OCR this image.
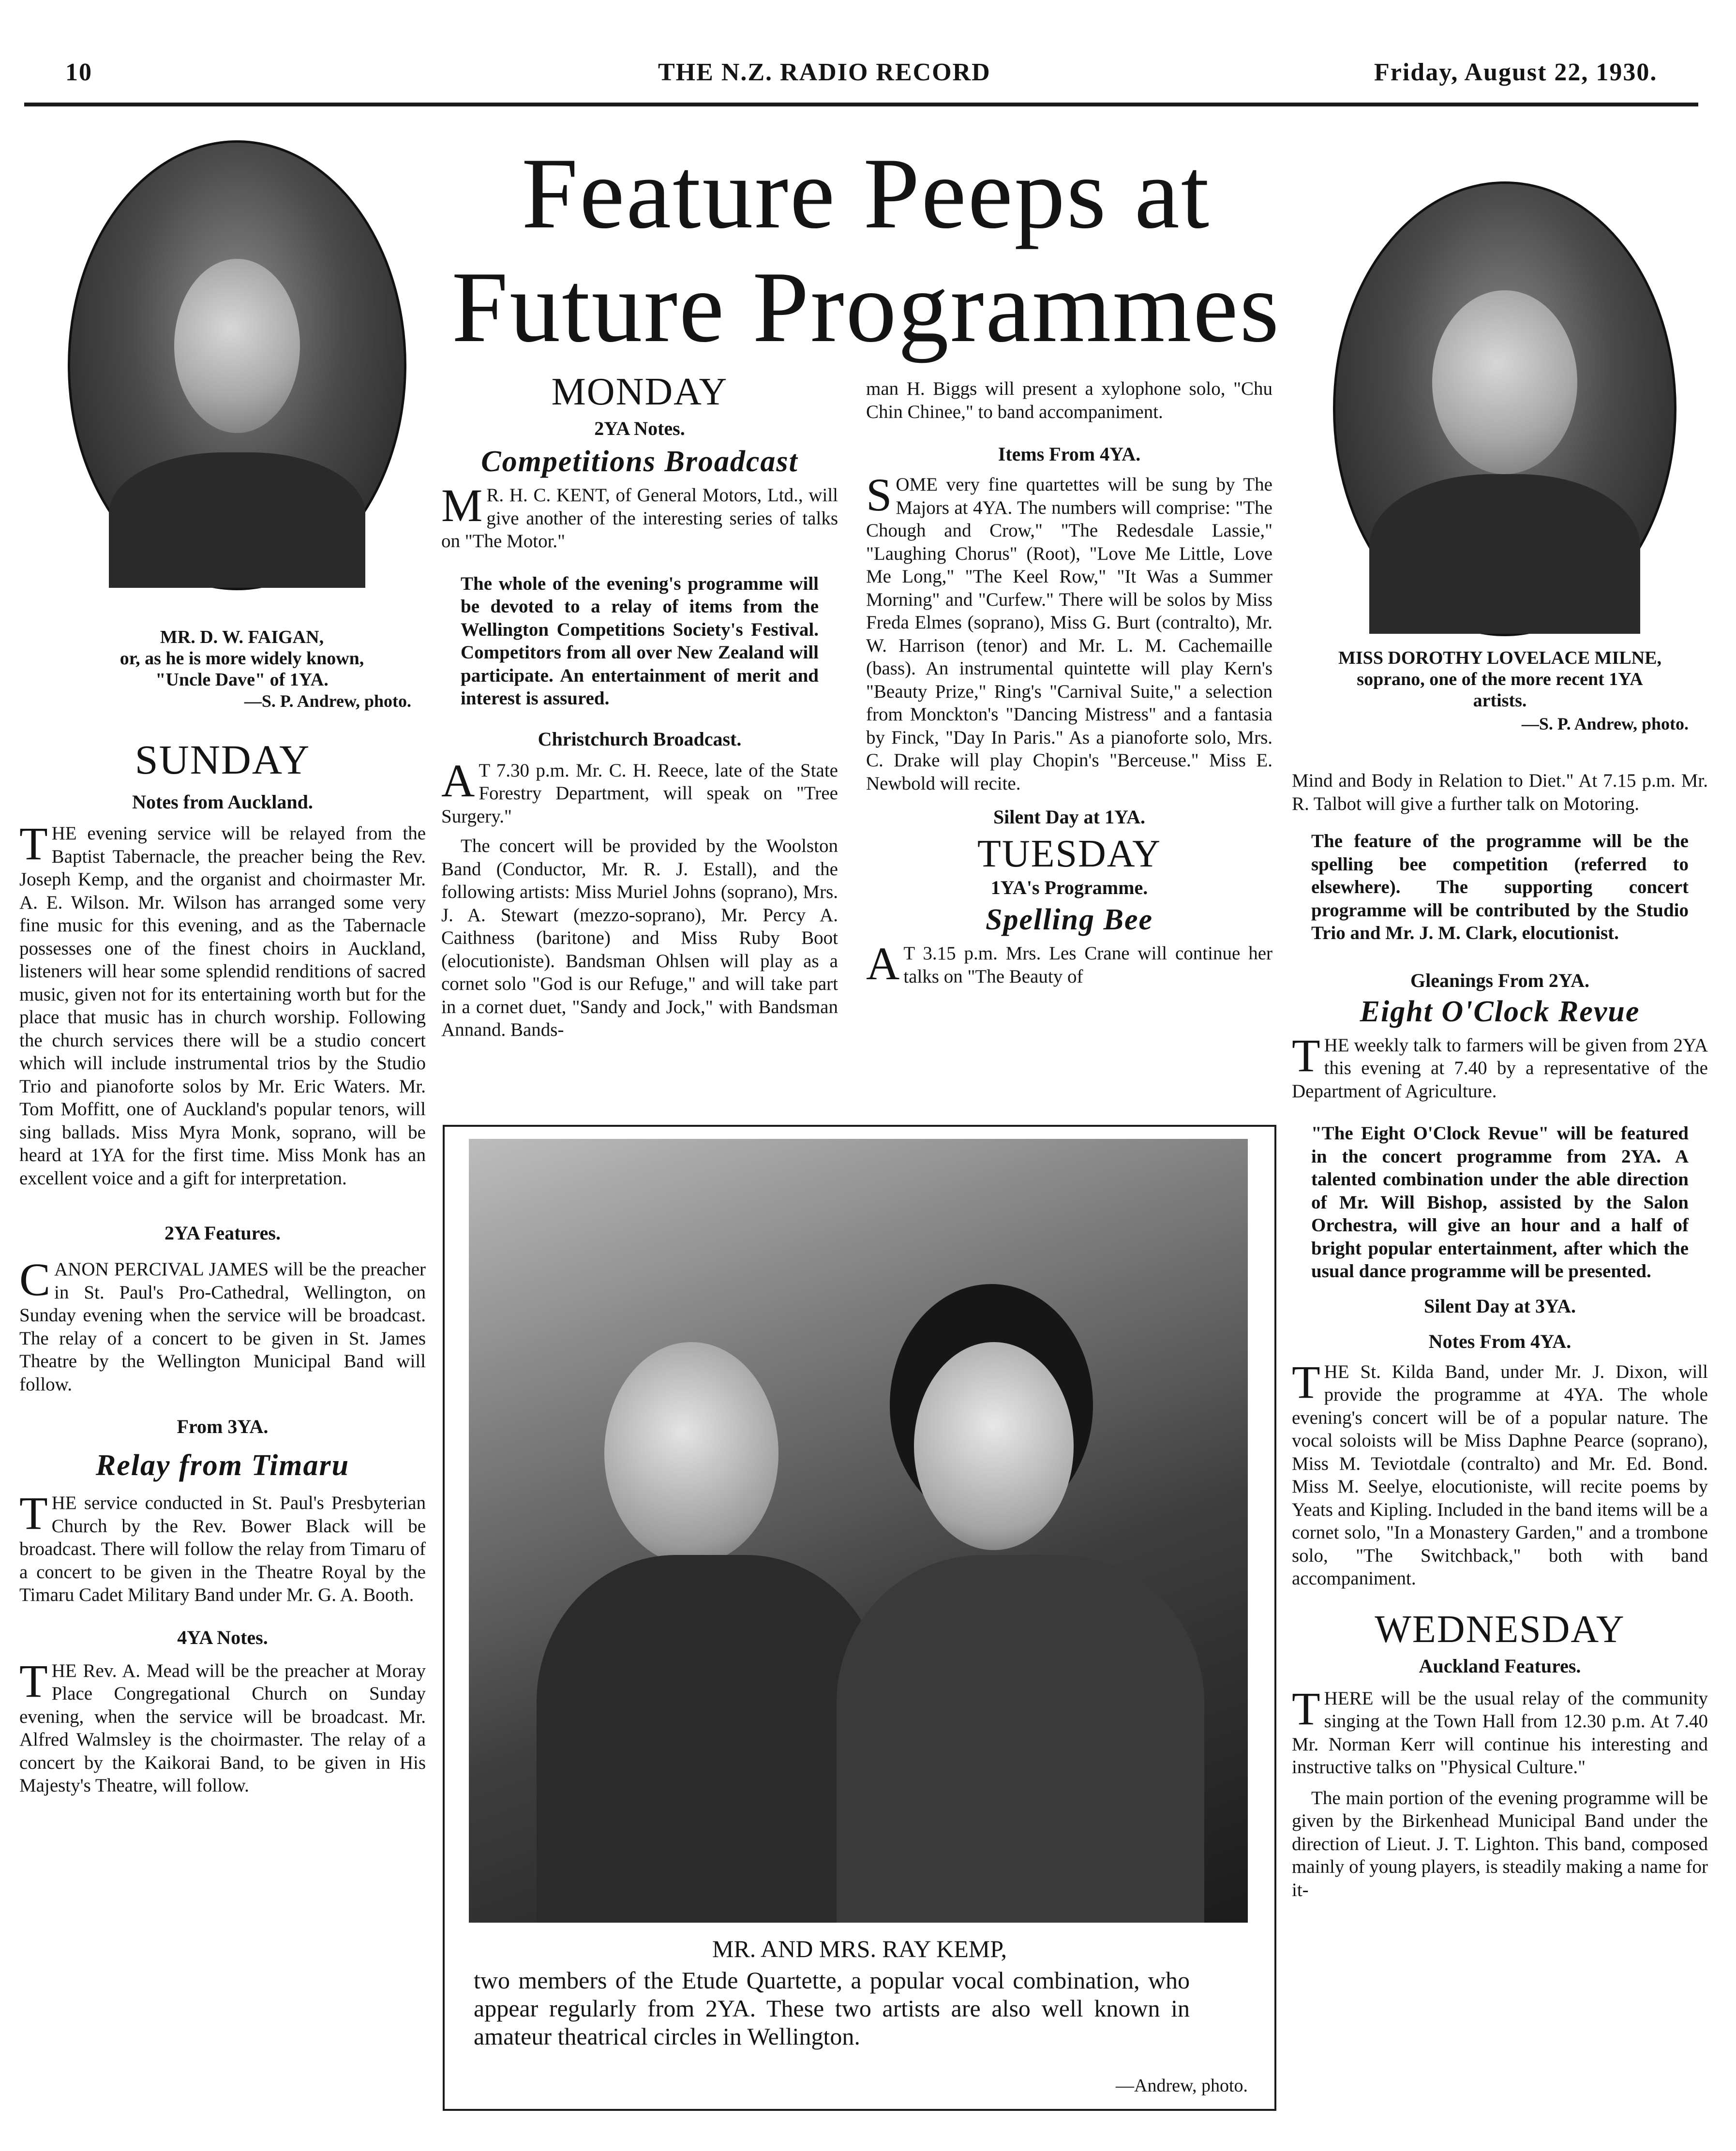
10	THE N.Z. RADIO RECORD	Friday, August 22, 1930.
Feature Peeps at
Future Programmes
MR. D. W. FAIGAN,
or, as he is more widely known,
"Uncle Dave" of 1YA.
—S. P. Andrew, photo.
MISS DOROTHY LOVELACE MILNE,
soprano, one of the more recent 1YA
artists.
—S. P. Andrew, photo.
SUNDAY
Notes from Auckland.

THE evening service will be relayed from the Baptist Tabernacle, the preacher being the Rev. Joseph Kemp, and the organist and choirmaster Mr. A. E. Wilson. Mr. Wilson has arranged some very fine music for this evening, and as the Tabernacle possesses one of the finest choirs in Auckland, listeners will hear some splendid renditions of sacred music, given not for its entertaining worth but for the place that music has in church worship. Following the church services there will be a studio concert which will include instrumental trios by the Studio Trio and pianoforte solos by Mr. Eric Waters. Mr. Tom Moffitt, one of Auckland's popular tenors, will sing ballads. Miss Myra Monk, soprano, will be heard at 1YA for the first time. Miss Monk has an excellent voice and a gift for interpretation.

2YA Features.

CANON PERCIVAL JAMES will be the preacher in St. Paul's Pro-Cathedral, Wellington, on Sunday evening when the service will be broadcast. The relay of a concert to be given in St. James Theatre by the Wellington Municipal Band will follow.

From 3YA.
Relay from Timaru

THE service conducted in St. Paul's Presbyterian Church by the Rev. Bower Black will be broadcast. There will follow the relay from Timaru of a concert to be given in the Theatre Royal by the Timaru Cadet Military Band under Mr. G. A. Booth.

4YA Notes.

THE Rev. A. Mead will be the preacher at Moray Place Congregational Church on Sunday evening, when the service will be broadcast. Mr. Alfred Walmsley is the choirmaster. The relay of a concert by the Kaikorai Band, to be given in His Majesty's Theatre, will follow.

MONDAY
2YA Notes.
Competitions Broadcast

M R. H. C. KENT, of General Motors, Ltd., will give another of the interesting series of talks on "The Motor."

The whole of the evening's programme will be devoted to a relay of items from the Wellington Competitions Society's Festival. Competitors from all over New Zealand will participate. An entertainment of merit and interest is assured.

Christchurch Broadcast.

A T 7.30 p.m. Mr. C. H. Reece, late of the State Forestry Department, will speak on "Tree Surgery."

The concert will be provided by the Woolston Band (Conductor, Mr. R. J. Estall), and the following artists: Miss Muriel Johns (soprano), Mrs. J. A. Stewart (mezzo-soprano), Mr. Percy A. Caithness (baritone) and Miss Ruby Boot (elocutioniste). Bandsman Ohlsen will play as a cornet solo "God is our Refuge," and will take part in a cornet duet, "Sandy and Jock," with Bandsman Annand. Bands-

man H. Biggs will present a xylophone solo, "Chu Chin Chinee," to band accompaniment.

Items From 4YA.

SOME very fine quartettes will be sung by The Majors at 4YA. The numbers will comprise: "The Chough and Crow," "The Redesdale Lassie," "Laughing Chorus" (Root), "Love Me Little, Love Me Long," "The Keel Row," "It Was a Summer Morning" and "Curfew." There will be solos by Miss Freda Elmes (soprano), Miss G. Burt (contralto), Mr. W. Harrison (tenor) and Mr. L. M. Cachemaille (bass). An instrumental quintette will play Kern's "Beauty Prize," Ring's "Carnival Suite," a selection from Monckton's "Dancing Mistress" and a fantasia by Finck, "Day In Paris." As a pianoforte solo, Mrs. C. Drake will play Chopin's "Berceuse." Miss E. Newbold will recite.

Silent Day at 1YA.
TUESDAY
1YA's Programme.
Spelling Bee

A T 3.15 p.m. Mrs. Les Crane will continue her talks on "The Beauty of

Mind and Body in Relation to Diet." At 7.15 p.m. Mr. R. Talbot will give a further talk on Motoring.

The feature of the programme will be the spelling bee competition (referred to elsewhere). The supporting concert programme will be contributed by the Studio Trio and Mr. J. M. Clark, elocutionist.

Gleanings From 2YA.
Eight O'Clock Revue

THE weekly talk to farmers will be given from 2YA this evening at 7.40 by a representative of the Department of Agriculture.

"The Eight O'Clock Revue" will be featured in the concert programme from 2YA. A talented combination under the able direction of Mr. Will Bishop, assisted by the Salon Orchestra, will give an hour and a half of bright popular entertainment, after which the usual dance programme will be presented.

Silent Day at 3YA.
Notes From 4YA.

THE St. Kilda Band, under Mr. J. Dixon, will provide the programme at 4YA. The whole evening's concert will be of a popular nature. The vocal soloists will be Miss Daphne Pearce (soprano), Miss M. Teviotdale (contralto) and Mr. Ed. Bond. Miss M. Seelye, elocutioniste, will recite poems by Yeats and Kipling. Included in the band items will be a cornet solo, "In a Monastery Garden," and a trombone solo, "The Switchback," both with band accompaniment.

WEDNESDAY
Auckland Features.

THERE will be the usual relay of the community singing at the Town Hall from 12.30 p.m. At 7.40 Mr. Norman Kerr will continue his interesting and instructive talks on "Physical Culture."

The main portion of the evening programme will be given by the Birkenhead Municipal Band under the direction of Lieut. J. T. Lighton. This band, composed mainly of young players, is steadily making a name for it-

MR. AND MRS. RAY KEMP,
two members of the Etude Quartette, a popular vocal combination, who appear regularly from 2YA. These two artists are also well known in amateur theatrical circles in Wellington.
—Andrew, photo.
